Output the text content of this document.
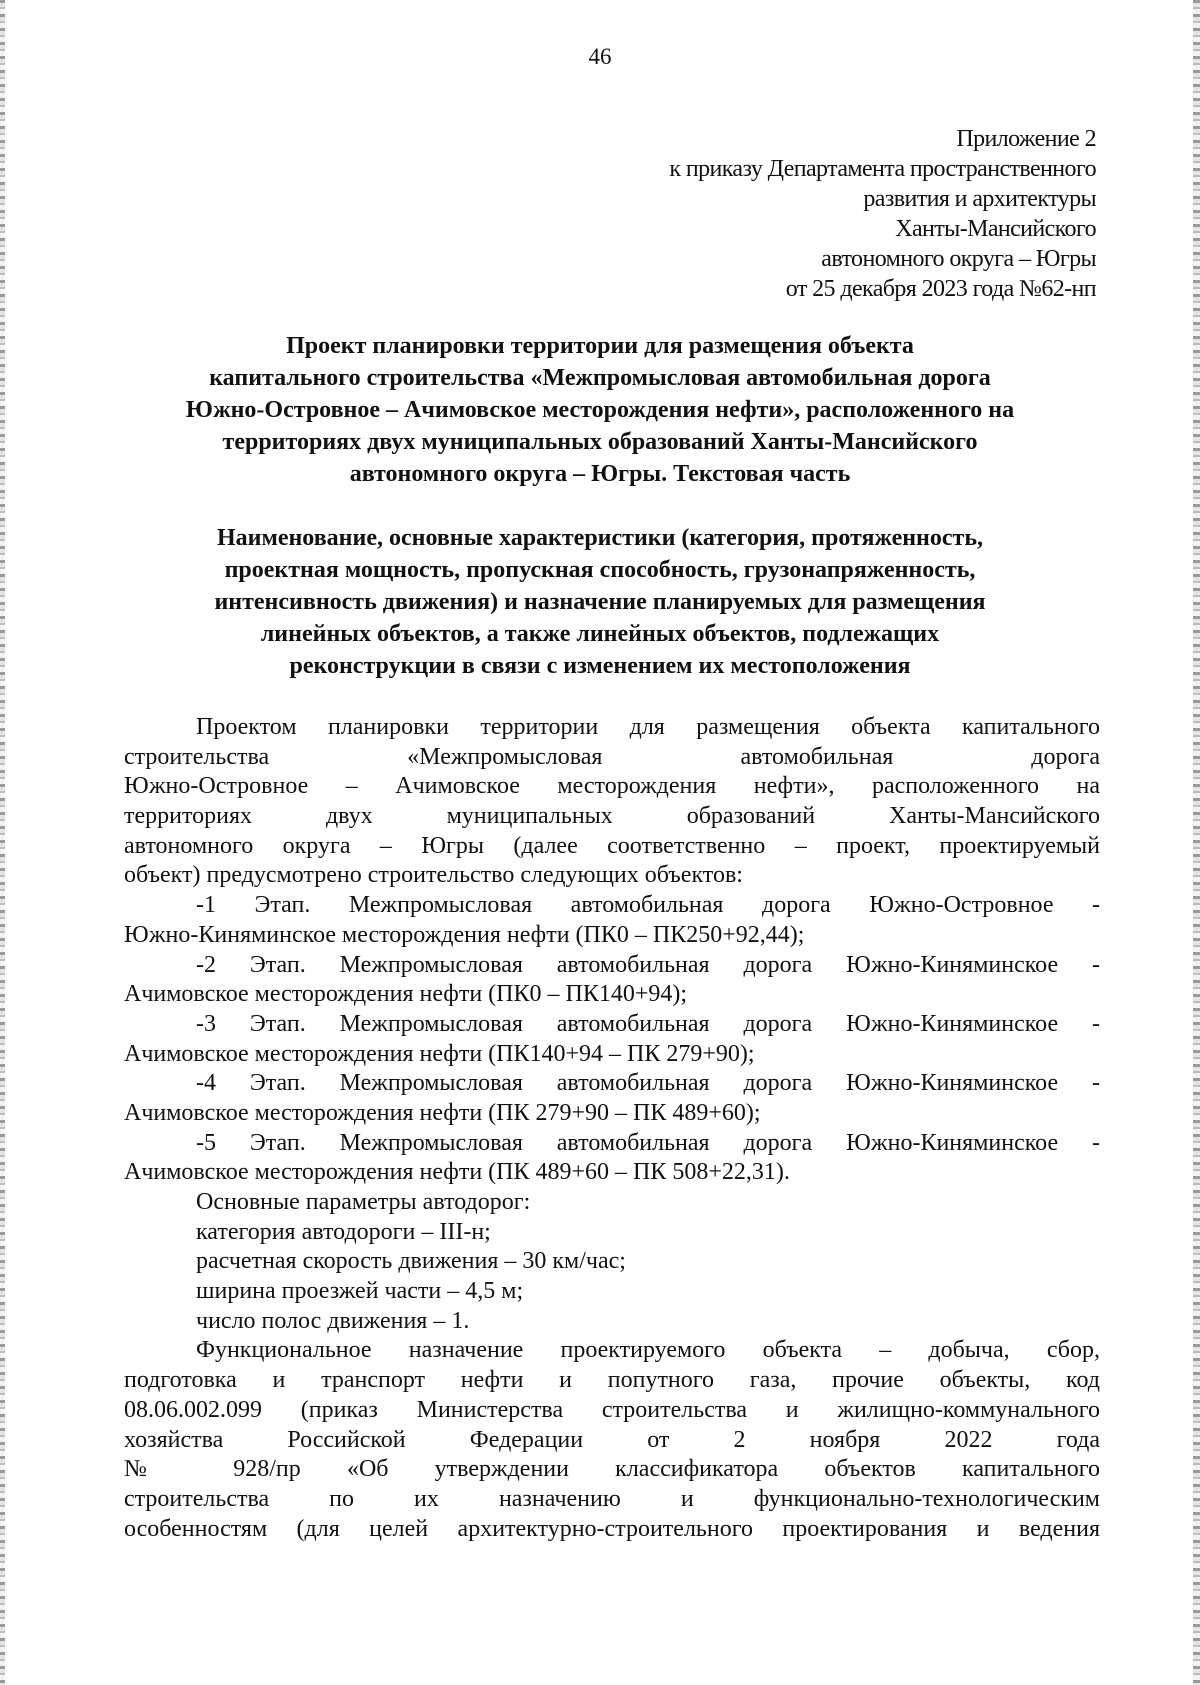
46
Приложение 2
к приказу Департамента пространственного
развития и архитектуры
Ханты-Мансийского
автономного округа – Югры
от 25 декабря 2023 года №62-нп
Проект планировки территории для размещения объекта
капитального строительства «Межпромысловая автомобильная дорога
Южно-Островное – Ачимовское месторождения нефти», расположенного на
территориях двух муниципальных образований Ханты-Мансийского
автономного округа – Югры. Текстовая часть
Наименование, основные характеристики (категория, протяженность,
проектная мощность, пропускная способность, грузонапряженность,
интенсивность движения) и назначение планируемых для размещения
линейных объектов, а также линейных объектов, подлежащих
реконструкции в связи с изменением их местоположения
Проектом планировки территории для размещения объекта капитального
строительства «Межпромысловая автомобильная дорога
Южно-Островное – Ачимовское месторождения нефти», расположенного на
территориях двух муниципальных образований Ханты-Мансийского
автономного округа – Югры (далее соответственно – проект, проектируемый
объект) предусмотрено строительство следующих объектов:
-1 Этап. Межпромысловая автомобильная дорога Южно-Островное -
Южно-Киняминское месторождения нефти (ПК0 – ПК250+92,44);
-2 Этап. Межпромысловая автомобильная дорога Южно-Киняминское -
Ачимовское месторождения нефти (ПК0 – ПК140+94);
-3 Этап. Межпромысловая автомобильная дорога Южно-Киняминское -
Ачимовское месторождения нефти (ПК140+94 – ПК 279+90);
-4 Этап. Межпромысловая автомобильная дорога Южно-Киняминское -
Ачимовское месторождения нефти (ПК 279+90 – ПК 489+60);
-5 Этап. Межпромысловая автомобильная дорога Южно-Киняминское -
Ачимовское месторождения нефти (ПК 489+60 – ПК 508+22,31).
Основные параметры автодорог:
категория автодороги – III-н;
расчетная скорость движения – 30 км/час;
ширина проезжей части – 4,5 м;
число полос движения – 1.
Функциональное назначение проектируемого объекта – добыча, сбор,
подготовка и транспорт нефти и попутного газа, прочие объекты, код
08.06.002.099 (приказ Министерства строительства и жилищно-коммунального
хозяйства Российской Федерации от 2 ноября 2022 года
№ 928/пр «Об утверждении классификатора объектов капитального
строительства по их назначению и функционально-технологическим
особенностям (для целей архитектурно-строительного проектирования и ведения
